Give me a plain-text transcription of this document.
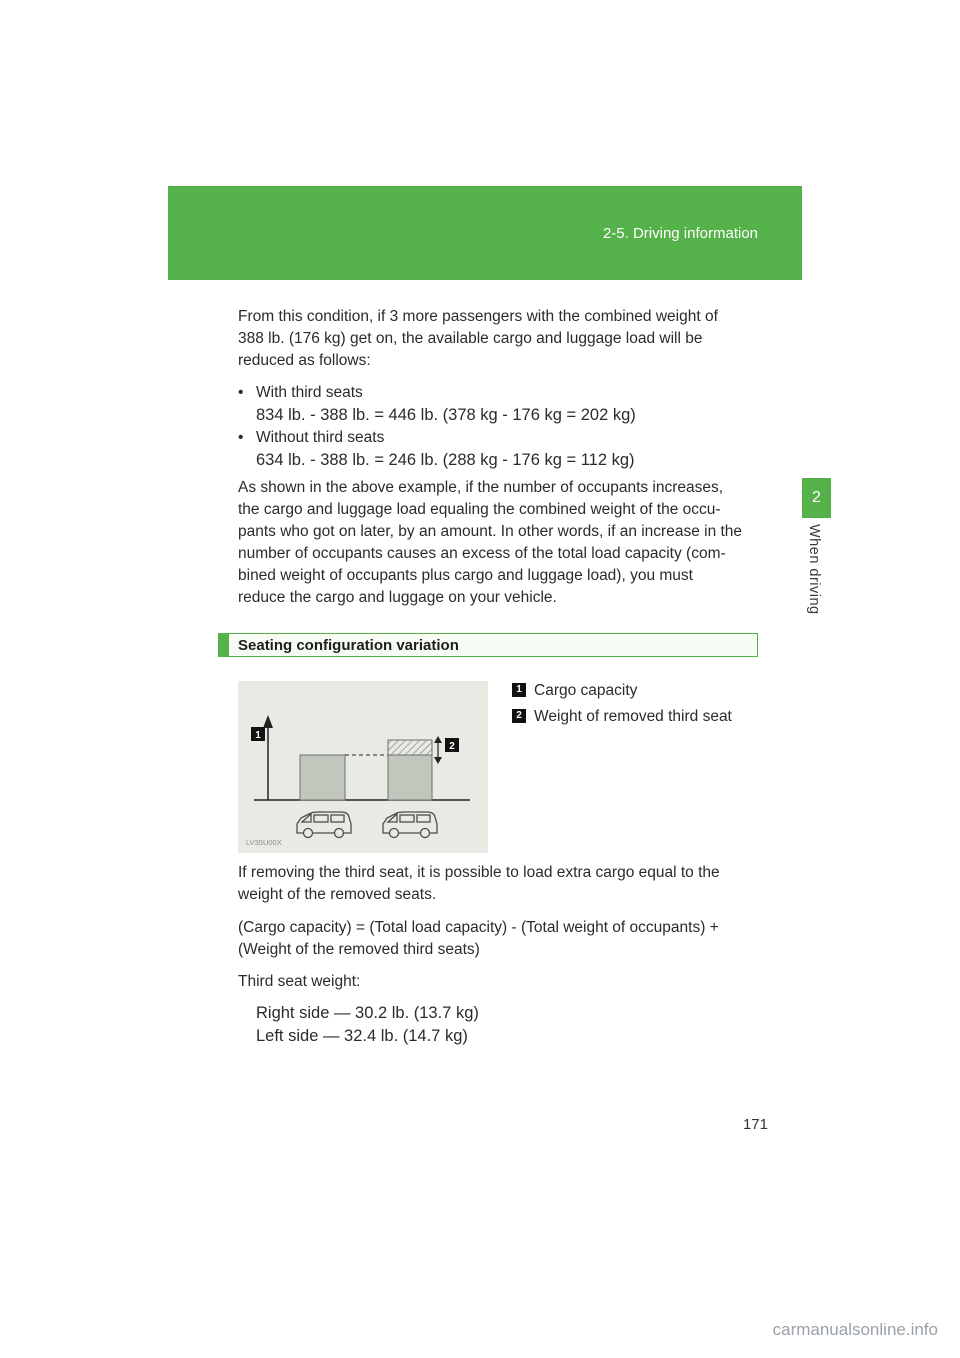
2-5. Driving information
2
When driving
From this condition, if 3 more passengers with the combined weight of
388 lb. (176 kg) get on, the available cargo and luggage load will be
reduced as follows:
• With third seats
834 lb. - 388 lb. = 446 lb. (378 kg - 176 kg = 202 kg)
• Without third seats
634 lb. - 388 lb. = 246 lb. (288 kg - 176 kg = 112 kg)
As shown in the above example, if the number of occupants increases,
the cargo and luggage load equaling the combined weight of the occu-
pants who got on later, by an amount. In other words, if an increase in the
number of occupants causes an excess of the total load capacity (com-
bined weight of occupants plus cargo and luggage load), you must
reduce the cargo and luggage on your vehicle.
Seating configuration variation
1
2
LV35U00X
1 Cargo capacity
2 Weight of removed third seat
If removing the third seat, it is possible to load extra cargo equal to the
weight of the removed seats.
(Cargo capacity) = (Total load capacity) - (Total weight of occupants) +
(Weight of the removed third seats)
Third seat weight:
Right side — 30.2 lb. (13.7 kg)
Left side — 32.4 lb. (14.7 kg)
171
carmanualsonline.info
